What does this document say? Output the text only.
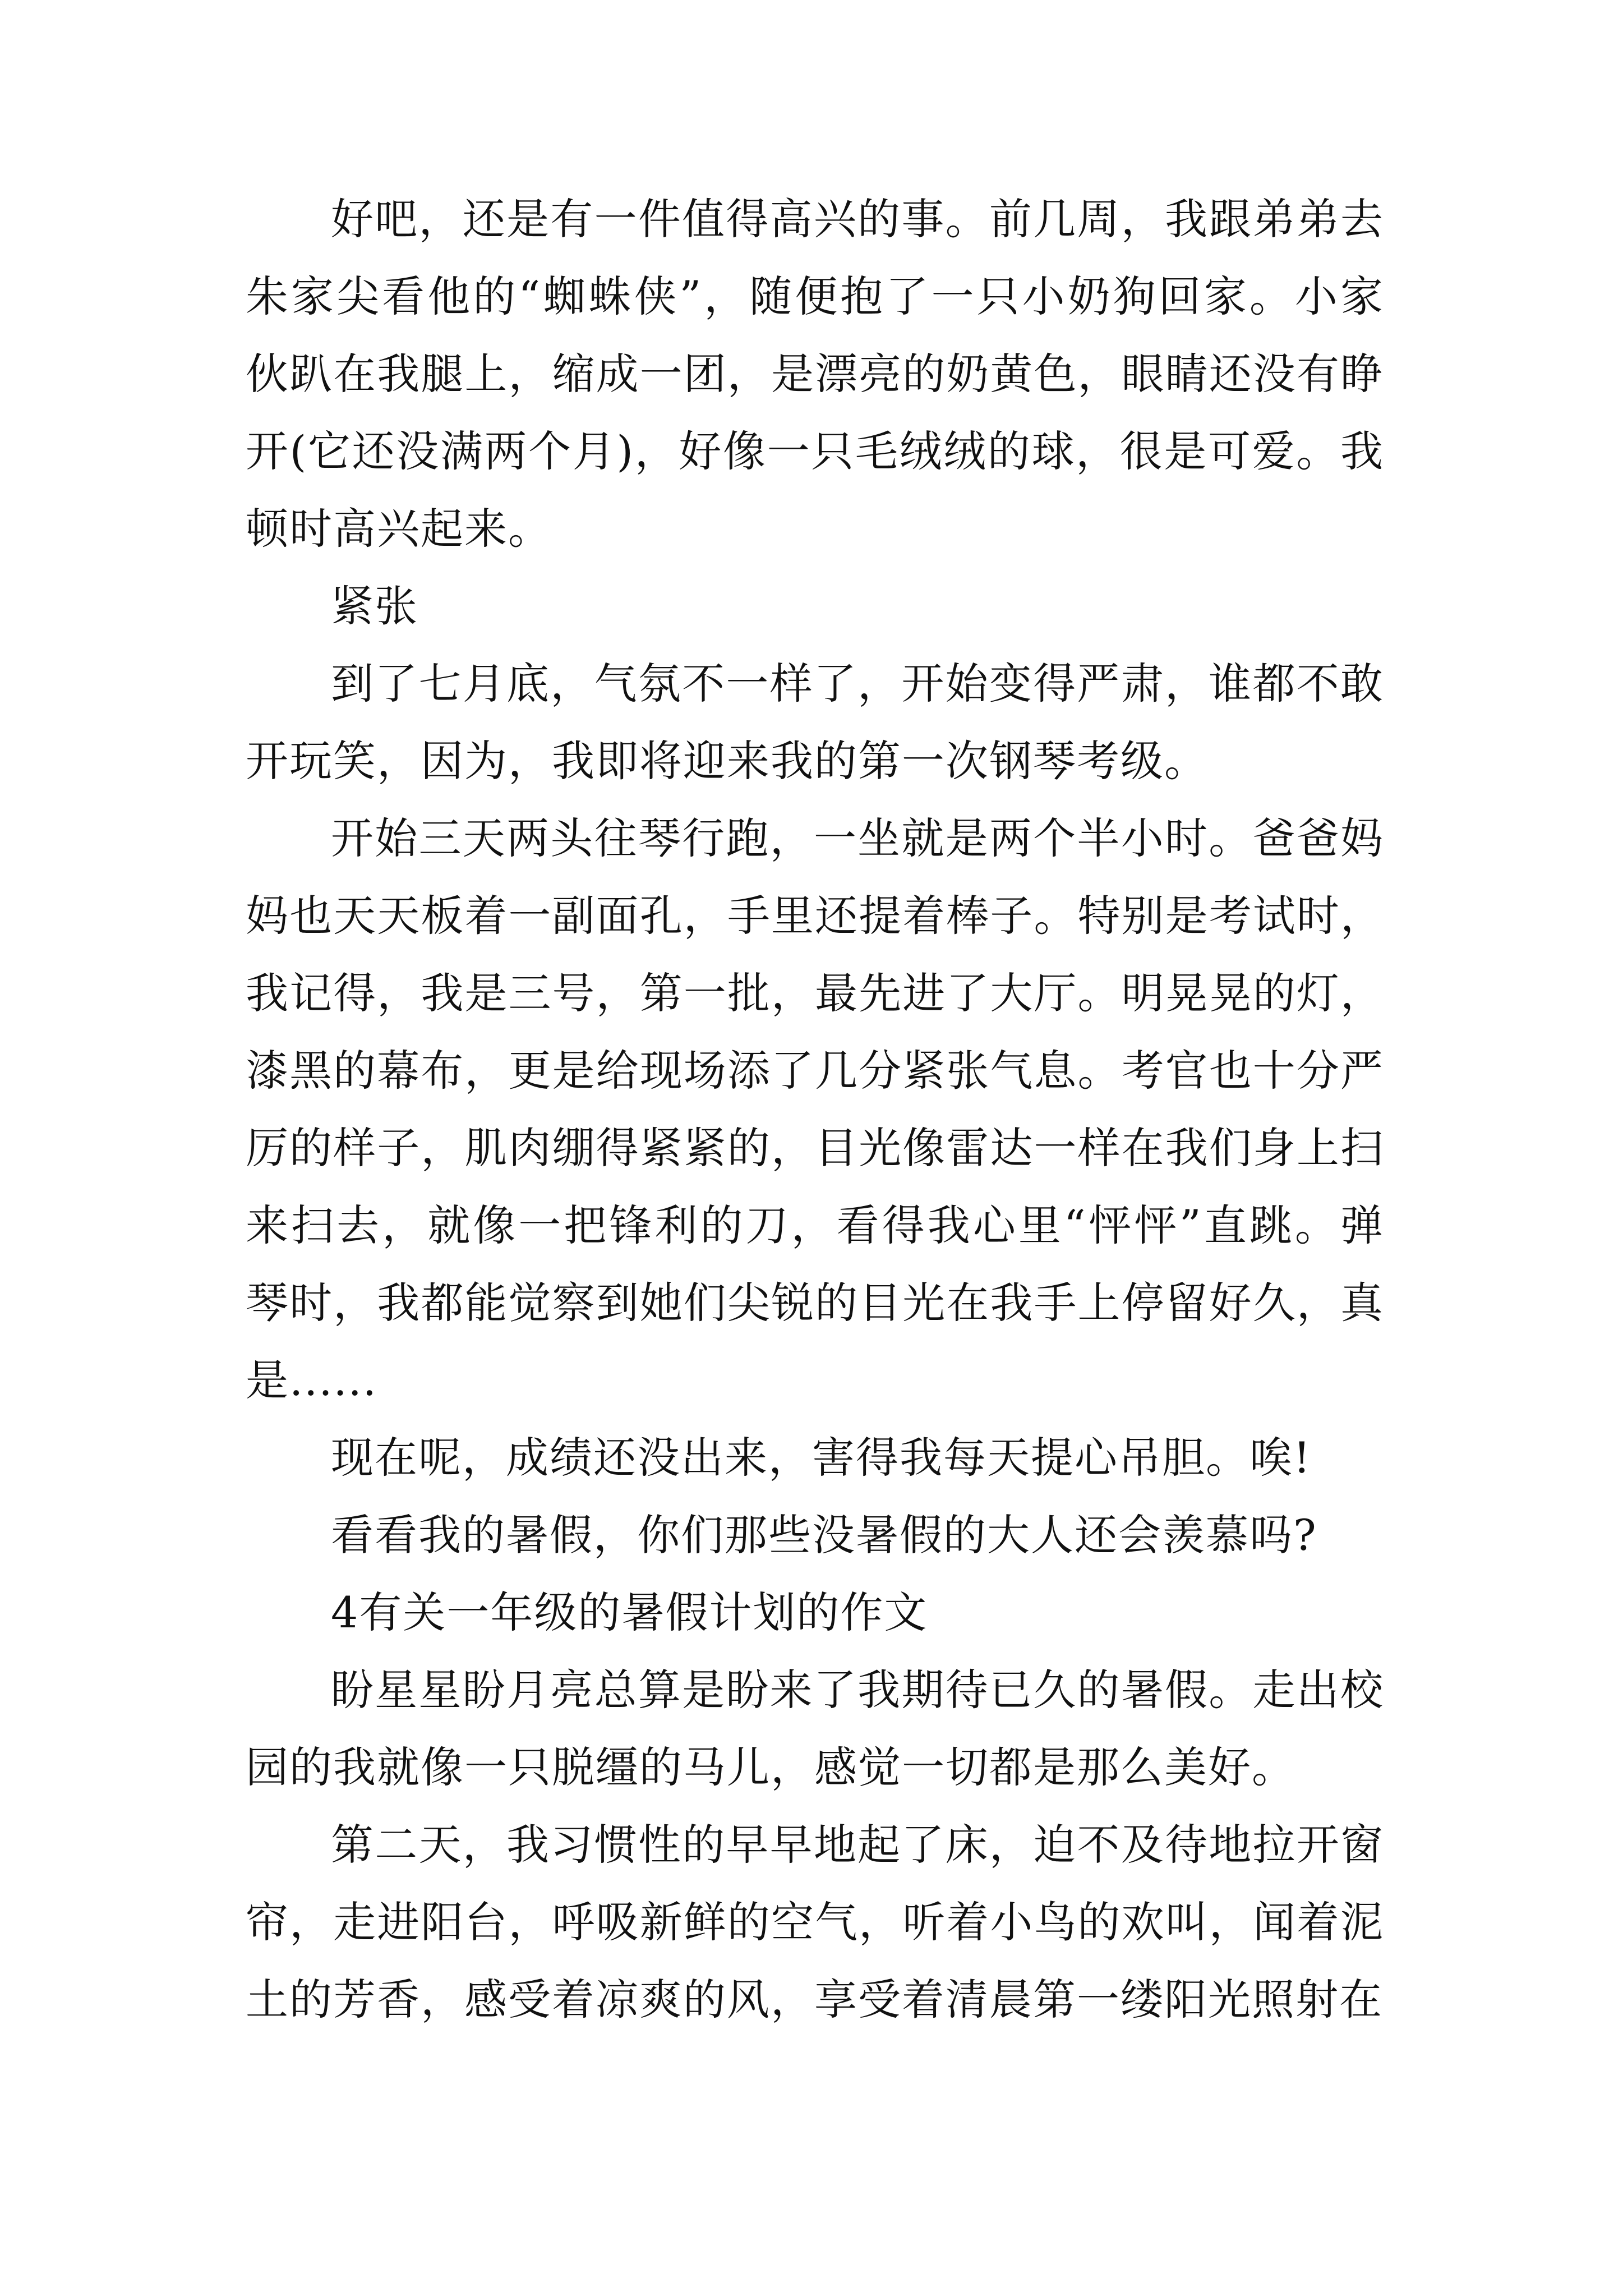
好吧，还是有一件值得高兴的事。前几周，我跟弟弟去朱家尖看他的“蜘蛛侠”，随便抱了一只小奶狗回家。小家伙趴在我腿上，缩成一团，是漂亮的奶黄色，眼睛还没有睁开(它还没满两个月)，好像一只毛绒绒的球，很是可爱。我顿时高兴起来。

紧张

到了七月底，气氛不一样了，开始变得严肃，谁都不敢开玩笑，因为，我即将迎来我的第一次钢琴考级。

开始三天两头往琴行跑，一坐就是两个半小时。爸爸妈妈也天天板着一副面孔，手里还提着棒子。特别是考试时，我记得，我是三号，第一批，最先进了大厅。明晃晃的灯，漆黑的幕布，更是给现场添了几分紧张气息。考官也十分严厉的样子，肌肉绷得紧紧的，目光像雷达一样在我们身上扫来扫去，就像一把锋利的刀，看得我心里“怦怦”直跳。弹琴时，我都能觉察到她们尖锐的目光在我手上停留好久，真是......

现在呢，成绩还没出来，害得我每天提心吊胆。唉!

看看我的暑假，你们那些没暑假的大人还会羡慕吗?

4有关一年级的暑假计划的作文

盼星星盼月亮总算是盼来了我期待已久的暑假。走出校园的我就像一只脱缰的马儿，感觉一切都是那么美好。

第二天，我习惯性的早早地起了床，迫不及待地拉开窗帘，走进阳台，呼吸新鲜的空气，听着小鸟的欢叫，闻着泥土的芳香，感受着凉爽的风，享受着清晨第一缕阳光照射在
